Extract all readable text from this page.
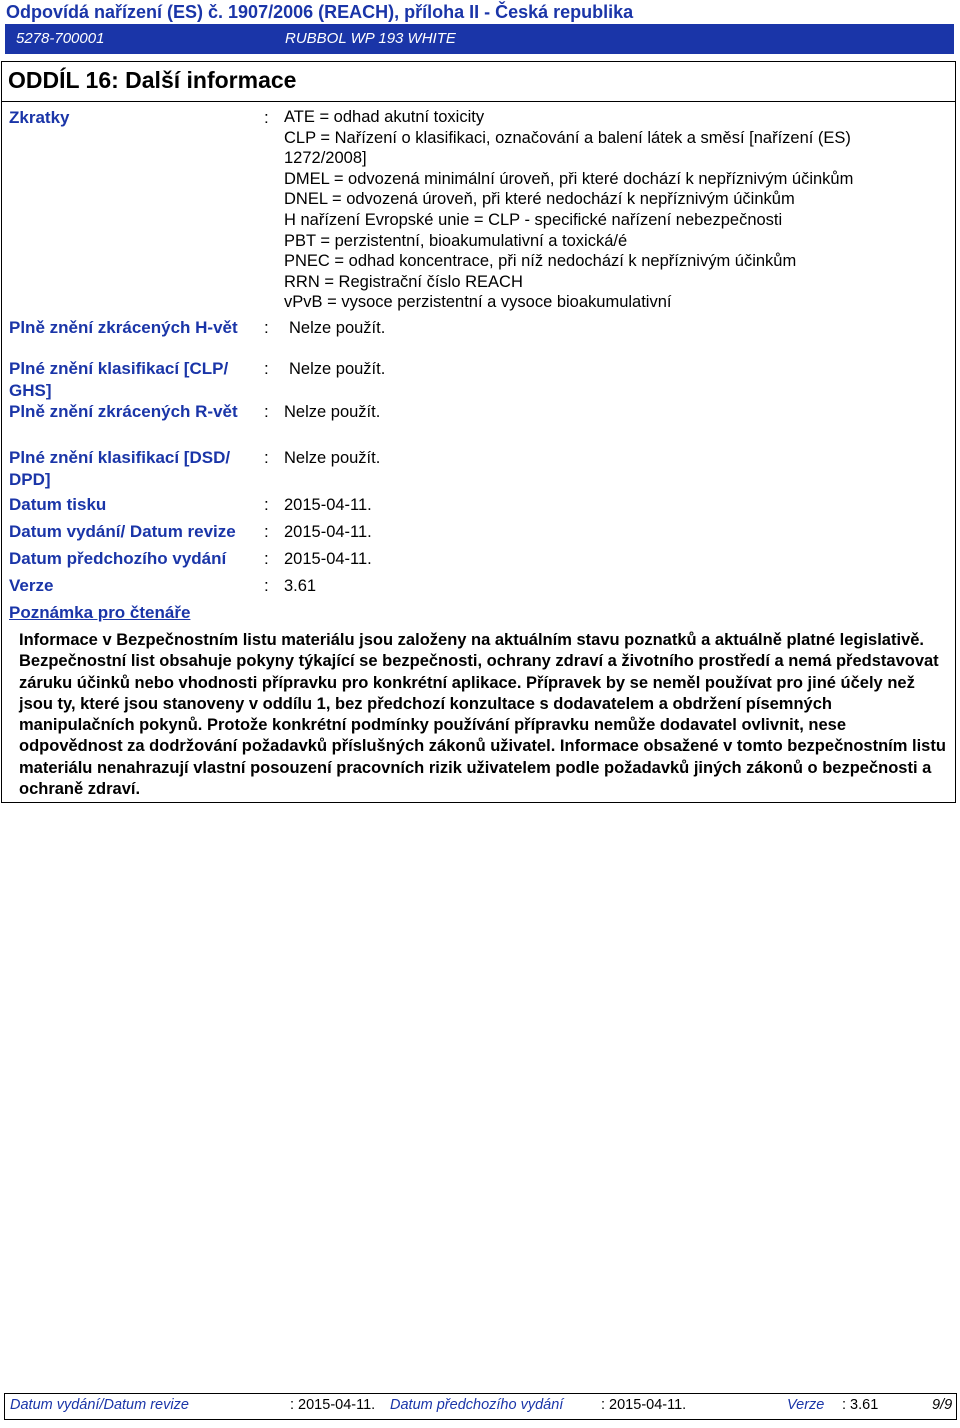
Odpovídá nařízení (ES) č. 1907/2006 (REACH), příloha II - Česká republika
5278-700001	RUBBOL WP 193 WHITE
ODDÍL 16: Další informace
Zkratky	: ATE = odhad akutní toxicity
CLP = Nařízení o klasifikaci, označování a balení látek a směsí [nařízení (ES)
1272/2008]
DMEL = odvozená minimální úroveň, při které dochází k nepříznivým účinkům
DNEL = odvozená úroveň, při které nedochází k nepříznivým účinkům
H nařízení Evropské unie = CLP - specifické nařízení nebezpečnosti
PBT = perzistentní, bioakumulativní a toxická/é
PNEC = odhad koncentrace, při níž nedochází k nepříznivým účinkům
RRN = Registrační číslo REACH
vPvB = vysoce perzistentní a vysoce bioakumulativní
Plně znění zkrácených H-vět	: Nelze použít.
Plné znění klasifikací [CLP/ GHS]
: Nelze použít.
Plně znění zkrácených R-vět	: Nelze použít.
Plné znění klasifikací [DSD/ DPD]
: Nelze použít.
Datum tisku	: 2015-04-11.
Datum vydání/ Datum revize	: 2015-04-11.
Datum předchozího vydání	: 2015-04-11.
Verze	: 3.61
Poznámka pro čtenáře

Informace v Bezpečnostním listu materiálu jsou založeny na aktuálním stavu poznatků a aktuálně platné legislativě. Bezpečnostní list obsahuje pokyny týkající se bezpečnosti, ochrany zdraví a životního prostředí a nemá představovat záruku účinků nebo vhodnosti přípravku pro konkrétní aplikace. Přípravek by se neměl používat pro jiné účely než jsou ty, které jsou stanoveny v oddílu 1, bez předchozí konzultace s dodavatelem a obdržení písemných manipulačních pokynů. Protože konkrétní podmínky používání přípravku nemůže dodavatel ovlivnit, nese odpovědnost za dodržování požadavků příslušných zákonů uživatel. Informace obsažené v tomto bezpečnostním listu materiálu nenahrazují vlastní posouzení pracovních rizik uživatelem podle požadavků jiných zákonů o bezpečnosti a ochraně zdraví.

Datum vydání/Datum revize	: 2015-04-11. Datum předchozího vydání	: 2015-04-11.	Verze : 3.61	9/9
